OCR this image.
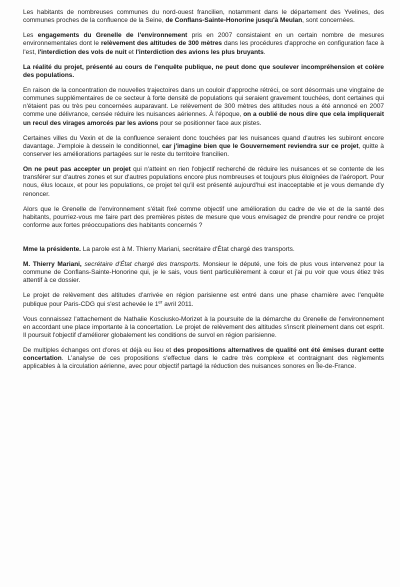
Les habitants de nombreuses communes du nord-ouest francilien, notamment dans le département des Yvelines, des communes proches de la confluence de la Seine, de Conflans-Sainte-Honorine jusqu'à Meulan, sont concernées.

Les engagements du Grenelle de l'environnement pris en 2007 consistaient en un certain nombre de mesures environnementales dont le relèvement des altitudes de 300 mètres dans les procédures d'approche en configuration face à l'est, l'interdiction des vols de nuit et l'interdiction des avions les plus bruyants.

La réalité du projet, présenté au cours de l'enquête publique, ne peut donc que soulever incompréhension et colère des populations.

En raison de la concentration de nouvelles trajectoires dans un couloir d'approche rétréci, ce sont désormais une vingtaine de communes supplémentaires de ce secteur à forte densité de populations qui seraient gravement touchées, dont certaines qui n'étaient pas ou très peu concernées auparavant. Le relèvement de 300 mètres des altitudes nous a été annoncé en 2007 comme une délivrance, censée réduire les nuisances aériennes. À l'époque, on a oublié de nous dire que cela impliquerait un recul des virages amorcés par les avions pour se positionner face aux pistes.

Certaines villes du Vexin et de la confluence seraient donc touchées par les nuisances quand d'autres les subiront encore davantage. J'emploie à dessein le conditionnel, car j'imagine bien que le Gouvernement reviendra sur ce projet, quitte à conserver les améliorations partagées sur le reste du territoire francilien.

On ne peut pas accepter un projet qui n'atteint en rien l'objectif recherché de réduire les nuisances et se contente de les transférer sur d'autres zones et sur d'autres populations encore plus nombreuses et toujours plus éloignées de l'aéroport. Pour nous, élus locaux, et pour les populations, ce projet tel qu'il est présenté aujourd'hui est inacceptable et je vous demande d'y renoncer.

Alors que le Grenelle de l'environnement s'était fixé comme objectif une amélioration du cadre de vie et de la santé des habitants, pourriez-vous me faire part des premières pistes de mesure que vous envisagez de prendre pour rendre ce projet conforme aux fortes préoccupations des habitants concernés ?

Mme la présidente. La parole est à M. Thierry Mariani, secrétaire d'État chargé des transports.

M. Thierry Mariani, secrétaire d'État chargé des transports. Monsieur le député, une fois de plus vous intervenez pour la commune de Conflans-Sainte-Honorine qui, je le sais, vous tient particulièrement à cœur et j'ai pu voir que vous étiez très attentif à ce dossier.

Le projet de relèvement des altitudes d'arrivée en région parisienne est entré dans une phase charnière avec l'enquête publique pour Paris-CDG qui s'est achevée le 1er avril 2011.

Vous connaissez l'attachement de Nathalie Kosciusko-Morizet à la poursuite de la démarche du Grenelle de l'environnement en accordant une place importante à la concertation. Le projet de relèvement des altitudes s'inscrit pleinement dans cet esprit. Il poursuit l'objectif d'améliorer globalement les conditions de survol en région parisienne.

De multiples échanges ont d'ores et déjà eu lieu et des propositions alternatives de qualité ont été émises durant cette concertation. L'analyse de ces propositions s'effectue dans le cadre très complexe et contraignant des règlements applicables à la circulation aérienne, avec pour objectif partagé la réduction des nuisances sonores en Île-de-France.
